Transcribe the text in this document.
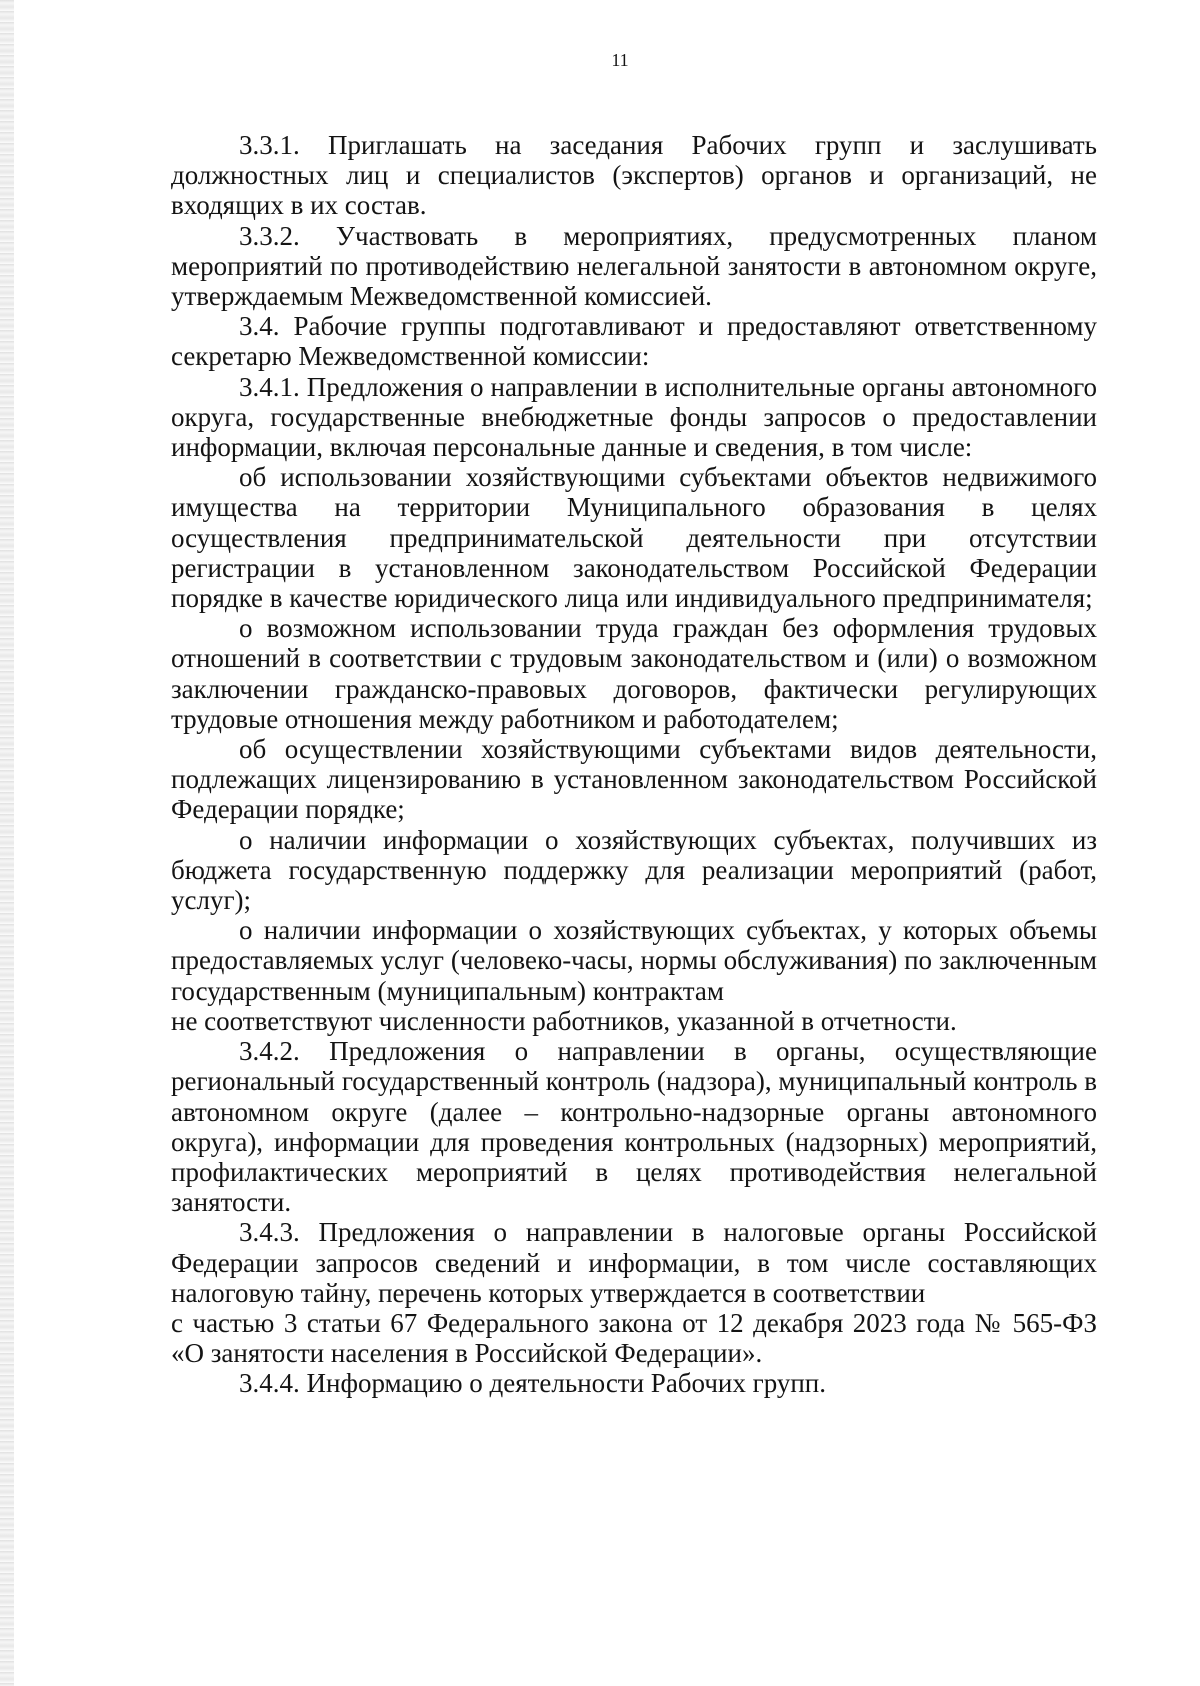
11

3.3.1. Приглашать на заседания Рабочих групп и заслушивать должностных лиц и специалистов (экспертов) органов и организаций, не входящих в их состав.

3.3.2. Участвовать в мероприятиях, предусмотренных планом мероприятий по противодействию нелегальной занятости в автономном округе, утверждаемым Межведомственной комиссией.

3.4. Рабочие группы подготавливают и предоставляют ответственному секретарю Межведомственной комиссии:

3.4.1. Предложения о направлении в исполнительные органы автономного округа, государственные внебюджетные фонды запросов о предоставлении информации, включая персональные данные и сведения, в том числе:

об использовании хозяйствующими субъектами объектов недвижимого имущества на территории Муниципального образования в целях осуществления предпринимательской деятельности при отсутствии регистрации в установленном законодательством Российской Федерации порядке в качестве юридического лица или индивидуального предпринимателя;

о возможном использовании труда граждан без оформления трудовых отношений в соответствии с трудовым законодательством и (или) о возможном заключении гражданско-правовых договоров, фактически регулирующих трудовые отношения между работником и работодателем;

об осуществлении хозяйствующими субъектами видов деятельности, подлежащих лицензированию в установленном законодательством Российской Федерации порядке;

о наличии информации о хозяйствующих субъектах, получивших из бюджета государственную поддержку для реализации мероприятий (работ, услуг);

о наличии информации о хозяйствующих субъектах, у которых объемы предоставляемых услуг (человеко-часы, нормы обслуживания) по заключенным государственным (муниципальным) контрактам

не соответствуют численности работников, указанной в отчетности.

3.4.2. Предложения о направлении в органы, осуществляющие региональный государственный контроль (надзора), муниципальный контроль в автономном округе (далее – контрольно-надзорные органы автономного округа), информации для проведения контрольных (надзорных) мероприятий, профилактических мероприятий в целях противодействия нелегальной занятости.

3.4.3. Предложения о направлении в налоговые органы Российской Федерации запросов сведений и информации, в том числе составляющих налоговую тайну, перечень которых утверждается в соответствии

с частью 3 статьи 67 Федерального закона от 12 декабря 2023 года № 565-ФЗ «О занятости населения в Российской Федерации».

3.4.4. Информацию о деятельности Рабочих групп.
